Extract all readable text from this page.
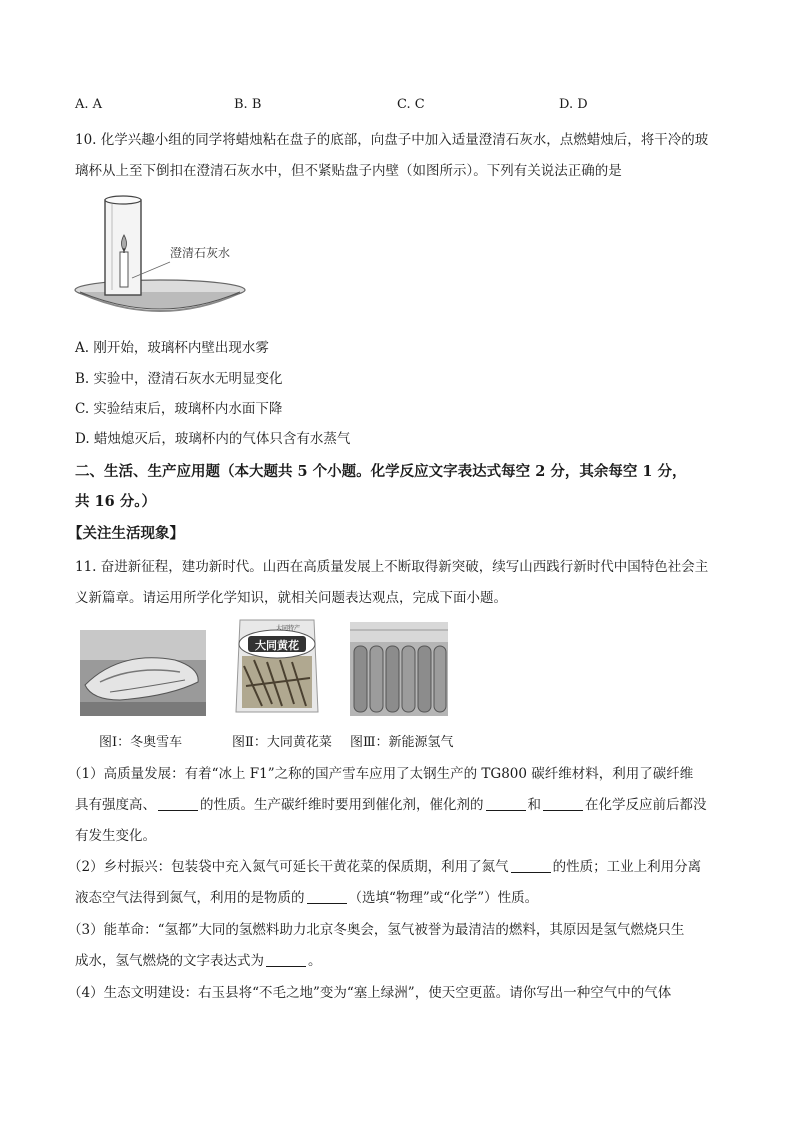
A. A	B. B	C. C	D. D
10. 化学兴趣小组的同学将蜡烛粘在盘子的底部，向盘子中加入适量澄清石灰水，点燃蜡烛后，将干冷的玻
璃杯从上至下倒扣在澄清石灰水中，但不紧贴盘子内壁（如图所示）。下列有关说法正确的是
澄清石灰水
A. 刚开始，玻璃杯内壁出现水雾
B. 实验中，澄清石灰水无明显变化
C. 实验结束后，玻璃杯内水面下降
D. 蜡烛熄灭后，玻璃杯内的气体只含有水蒸气
二、生活、生产应用题（本大题共 5 个小题。化学反应文字表达式每空 2 分，其余每空 1 分，
共 16 分。）
【关注生活现象】
11. 奋进新征程，建功新时代。山西在高质量发展上不断取得新突破，续写山西践行新时代中国特色社会主
义新篇章。请运用所学化学知识，就相关问题表达观点，完成下面小题。
大同黄花
大同特产
图Ⅰ：冬奥雪车	图Ⅱ：大同黄花菜 图Ⅲ：新能源氢气
（1）高质量发展：有着“冰上 F1”之称的国产雪车应用了太钢生产的 TG800 碳纤维材料，利用了碳纤维
具有强度高、	的性质。生产碳纤维时要用到催化剂，催化剂的	和	在化学反应前后都没
有发生变化。
（2）乡村振兴：包装袋中充入氮气可延长干黄花菜的保质期，利用了氮气	的性质；工业上利用分离
液态空气法得到氮气，利用的是物质的	（选填“物理”或“化学”）性质。
（3）能革命：“氢都”大同的氢燃料助力北京冬奥会，氢气被誉为最清洁的燃料，其原因是氢气燃烧只生
成水，氢气燃烧的文字表达式为	。
（4）生态文明建设：右玉县将“不毛之地”变为“塞上绿洲”，使天空更蓝。请你写出一种空气中的气体
